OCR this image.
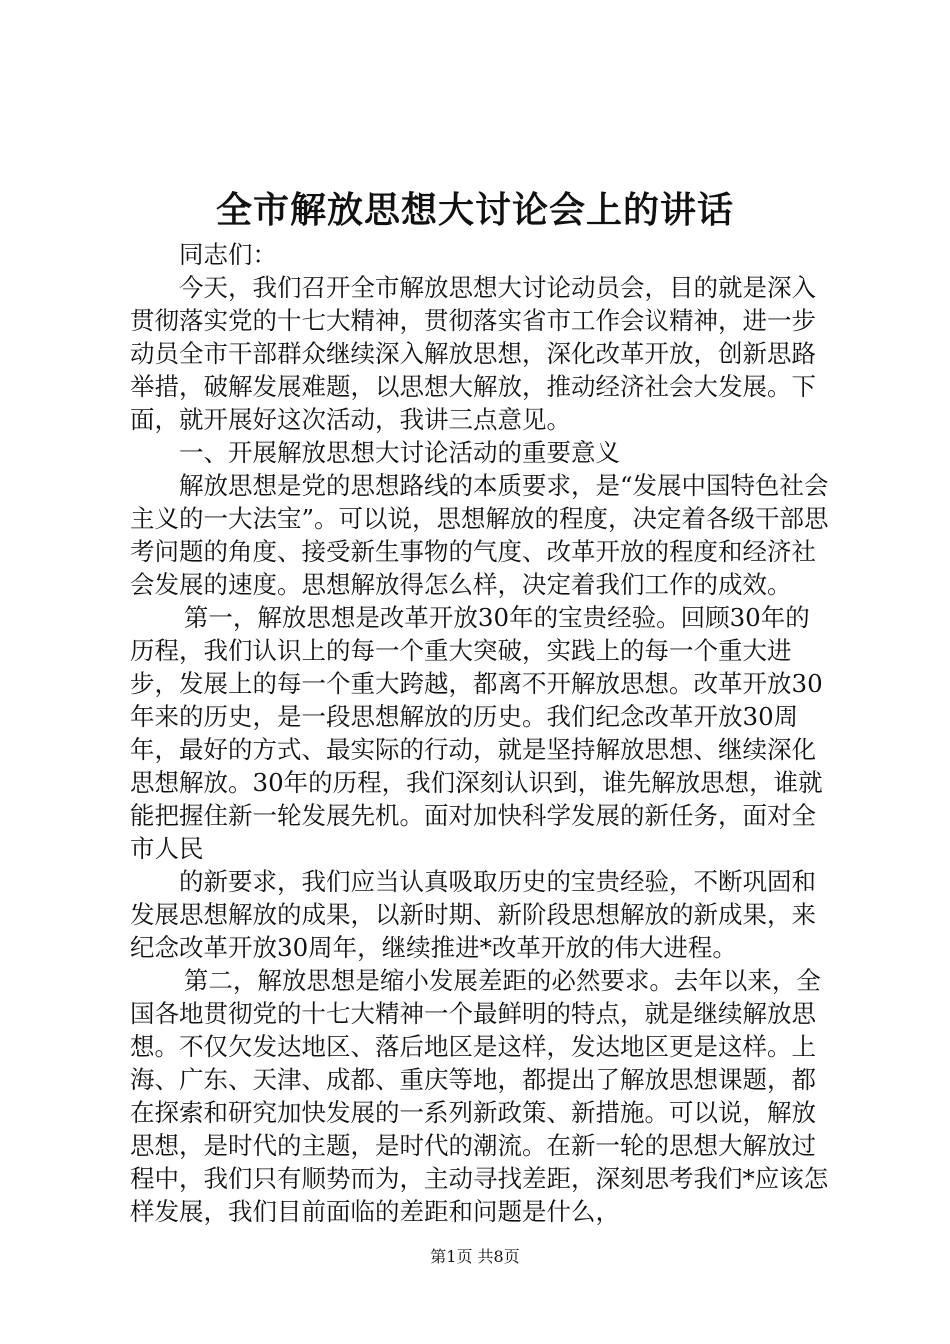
全市解放思想大讨论会上的讲话

同志们：

今天，我们召开全市解放思想大讨论动员会，目的就是深入贯彻落实党的十七大精神，贯彻落实省市工作会议精神，进一步动员全市干部群众继续深入解放思想，深化改革开放，创新思路举措，破解发展难题，以思想大解放，推动经济社会大发展。下面，就开展好这次活动，我讲三点意见。

一、开展解放思想大讨论活动的重要意义

解放思想是党的思想路线的本质要求，是“发展中国特色社会主义的一大法宝”。可以说，思想解放的程度，决定着各级干部思考问题的角度、接受新生事物的气度、改革开放的程度和经济社会发展的速度。思想解放得怎么样，决定着我们工作的成效。

第一，解放思想是改革开放30年的宝贵经验。回顾30年的历程，我们认识上的每一个重大突破，实践上的每一个重大进步，发展上的每一个重大跨越，都离不开解放思想。改革开放30年来的历史，是一段思想解放的历史。我们纪念改革开放30周年，最好的方式、最实际的行动，就是坚持解放思想、继续深化思想解放。30年的历程，我们深刻认识到，谁先解放思想，谁就能把握住新一轮发展先机。面对加快科学发展的新任务，面对全市人民

的新要求，我们应当认真吸取历史的宝贵经验，不断巩固和发展思想解放的成果，以新时期、新阶段思想解放的新成果，来纪念改革开放30周年，继续推进*改革开放的伟大进程。

第二，解放思想是缩小发展差距的必然要求。去年以来，全国各地贯彻党的十七大精神一个最鲜明的特点，就是继续解放思想。不仅欠发达地区、落后地区是这样，发达地区更是这样。上海、广东、天津、成都、重庆等地，都提出了解放思想课题，都在探索和研究加快发展的一系列新政策、新措施。可以说，解放思想，是时代的主题，是时代的潮流。在新一轮的思想大解放过程中，我们只有顺势而为，主动寻找差距，深刻思考我们*应该怎样发展，我们目前面临的差距和问题是什么，

第1页 共8页
